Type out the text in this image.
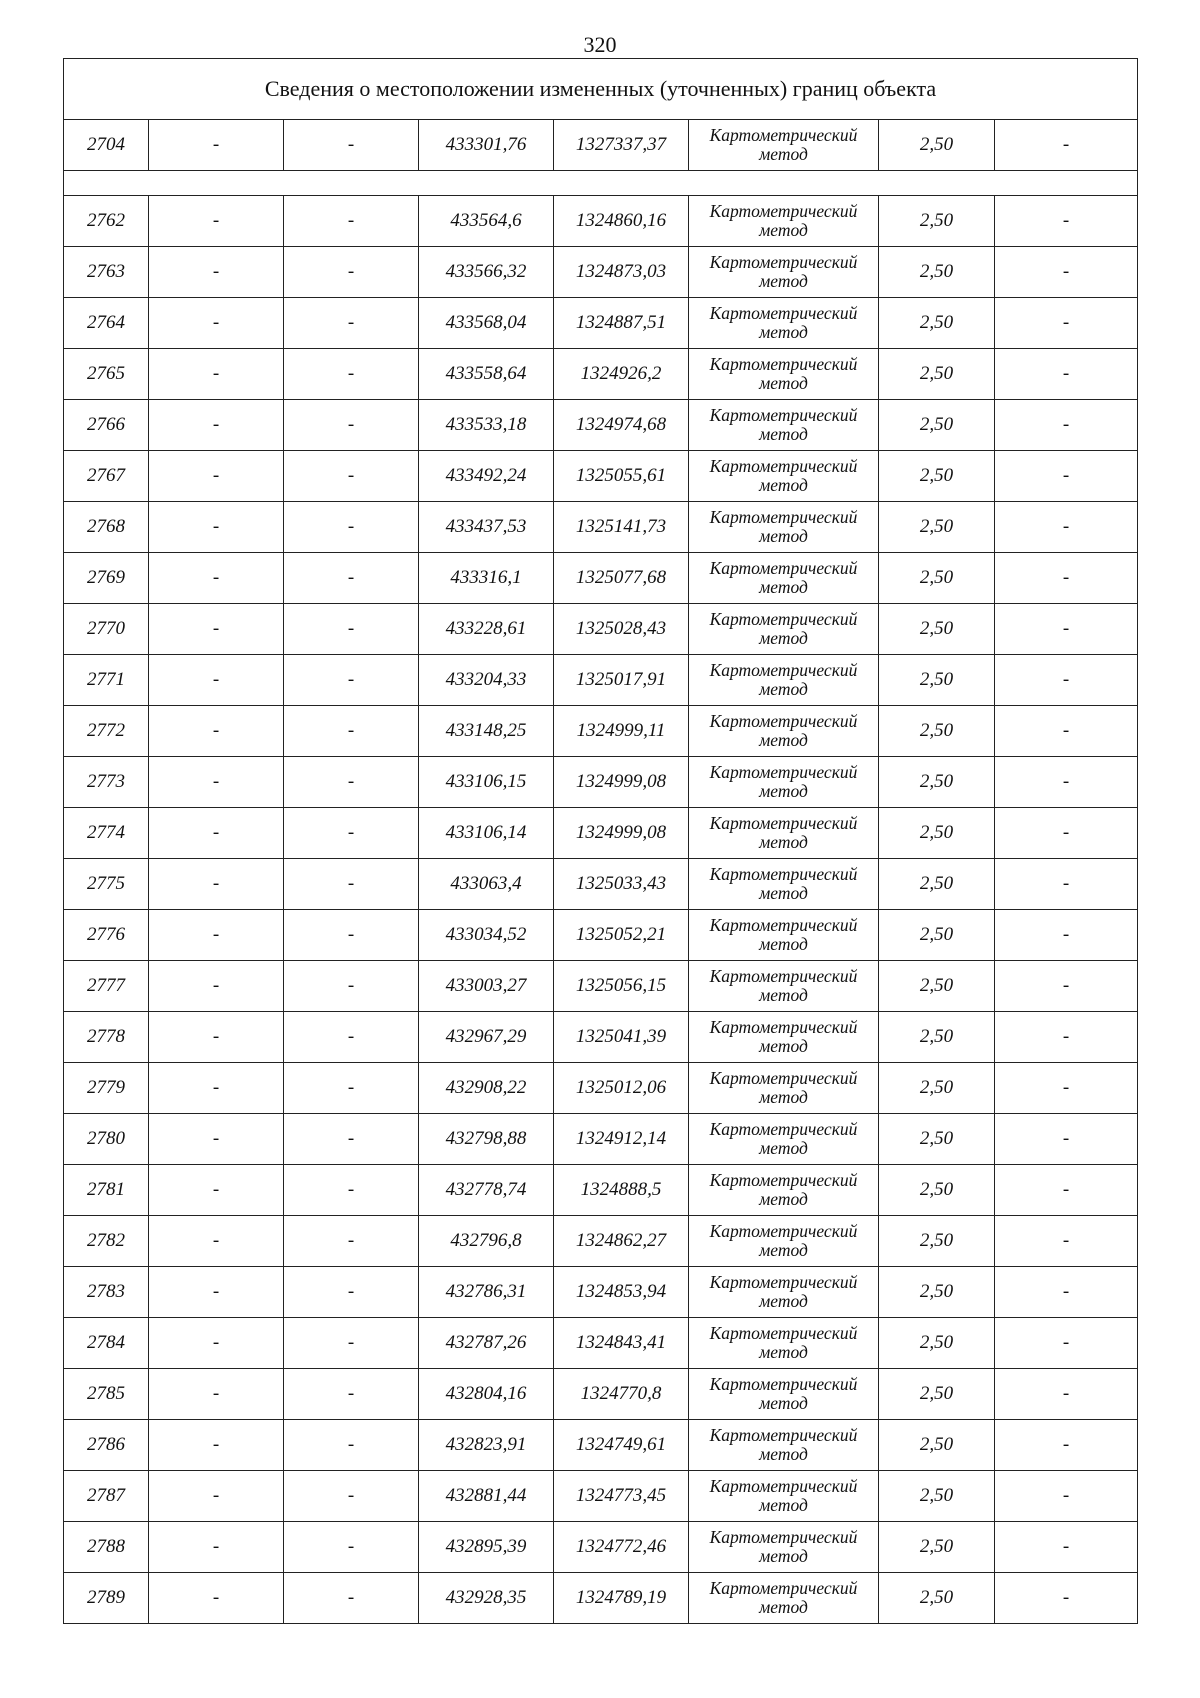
320
Сведения о местоположении измененных (уточненных) границ объекта							
2704	-	-	433301,76	1327337,37	Картометрический
метод	2,50	-

2762	-	-	433564,6	1324860,16	Картометрический
метод	2,50	-
2763	-	-	433566,32	1324873,03	Картометрический
метод	2,50	-
2764	-	-	433568,04	1324887,51	Картометрический
метод	2,50	-
2765	-	-	433558,64	1324926,2	Картометрический
метод	2,50	-
2766	-	-	433533,18	1324974,68	Картометрический
метод	2,50	-
2767	-	-	433492,24	1325055,61	Картометрический
метод	2,50	-
2768	-	-	433437,53	1325141,73	Картометрический
метод	2,50	-
2769	-	-	433316,1	1325077,68	Картометрический
метод	2,50	-
2770	-	-	433228,61	1325028,43	Картометрический
метод	2,50	-
2771	-	-	433204,33	1325017,91	Картометрический
метод	2,50	-
2772	-	-	433148,25	1324999,11	Картометрический
метод	2,50	-
2773	-	-	433106,15	1324999,08	Картометрический
метод	2,50	-
2774	-	-	433106,14	1324999,08	Картометрический
метод	2,50	-
2775	-	-	433063,4	1325033,43	Картометрический
метод	2,50	-
2776	-	-	433034,52	1325052,21	Картометрический
метод	2,50	-
2777	-	-	433003,27	1325056,15	Картометрический
метод	2,50	-
2778	-	-	432967,29	1325041,39	Картометрический
метод	2,50	-
2779	-	-	432908,22	1325012,06	Картометрический
метод	2,50	-
2780	-	-	432798,88	1324912,14	Картометрический
метод	2,50	-
2781	-	-	432778,74	1324888,5	Картометрический
метод	2,50	-
2782	-	-	432796,8	1324862,27	Картометрический
метод	2,50	-
2783	-	-	432786,31	1324853,94	Картометрический
метод	2,50	-
2784	-	-	432787,26	1324843,41	Картометрический
метод	2,50	-
2785	-	-	432804,16	1324770,8	Картометрический
метод	2,50	-
2786	-	-	432823,91	1324749,61	Картометрический
метод	2,50	-
2787	-	-	432881,44	1324773,45	Картометрический
метод	2,50	-
2788	-	-	432895,39	1324772,46	Картометрический
метод	2,50	-
2789	-	-	432928,35	1324789,19	Картометрический
метод	2,50	-
